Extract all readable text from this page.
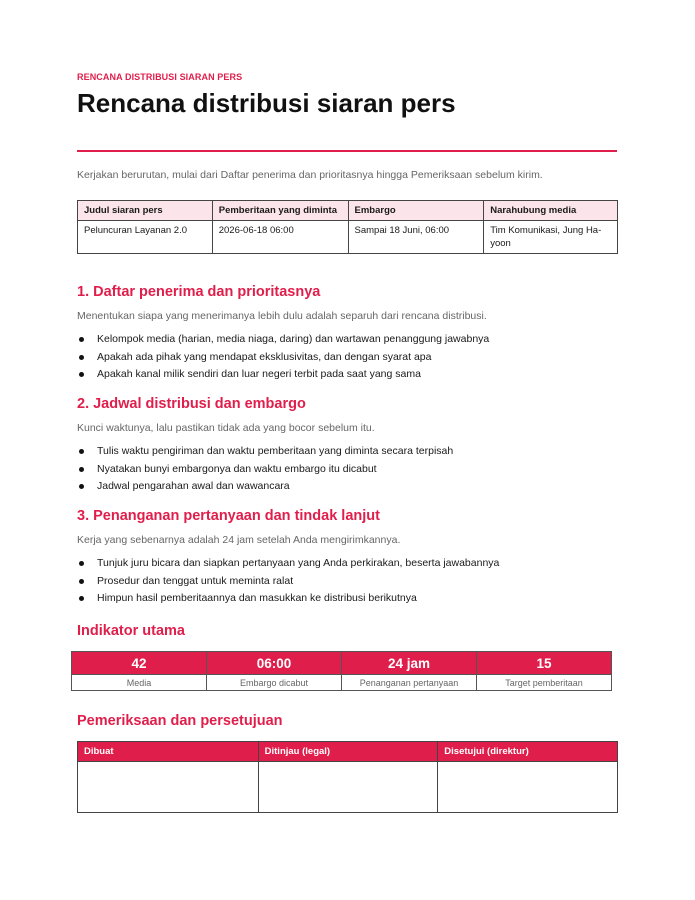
RENCANA DISTRIBUSI SIARAN PERS
Rencana distribusi siaran pers
Kerjakan berurutan, mulai dari Daftar penerima dan prioritasnya hingga Pemeriksaan sebelum kirim.
Judul siaran pers	Pemberitaan yang diminta	Embargo	Narahubung media
Peluncuran Layanan 2.0	2026-06-18 06:00	Sampai 18 Juni, 06:00	Tim Komunikasi, Jung Ha-yoon
1. Daftar penerima dan prioritasnya

Menentukan siapa yang menerimanya lebih dulu adalah separuh dari rencana distribusi.

Kelompok media (harian, media niaga, daring) dan wartawan penanggung jawabnya
Apakah ada pihak yang mendapat eksklusivitas, dan dengan syarat apa
Apakah kanal milik sendiri dan luar negeri terbit pada saat yang sama
2. Jadwal distribusi dan embargo

Kunci waktunya, lalu pastikan tidak ada yang bocor sebelum itu.

Tulis waktu pengiriman dan waktu pemberitaan yang diminta secara terpisah
Nyatakan bunyi embargonya dan waktu embargo itu dicabut
Jadwal pengarahan awal dan wawancara
3. Penanganan pertanyaan dan tindak lanjut

Kerja yang sebenarnya adalah 24 jam setelah Anda mengirimkannya.

Tunjuk juru bicara dan siapkan pertanyaan yang Anda perkirakan, beserta jawabannya
Prosedur dan tenggat untuk meminta ralat
Himpun hasil pemberitaannya dan masukkan ke distribusi berikutnya
Indikator utama
42	06:00	24 jam	15
Media	Embargo dicabut	Penanganan pertanyaan	Target pemberitaan
Pemeriksaan dan persetujuan
Dibuat	Ditinjau (legal)	Disetujui (direktur)
